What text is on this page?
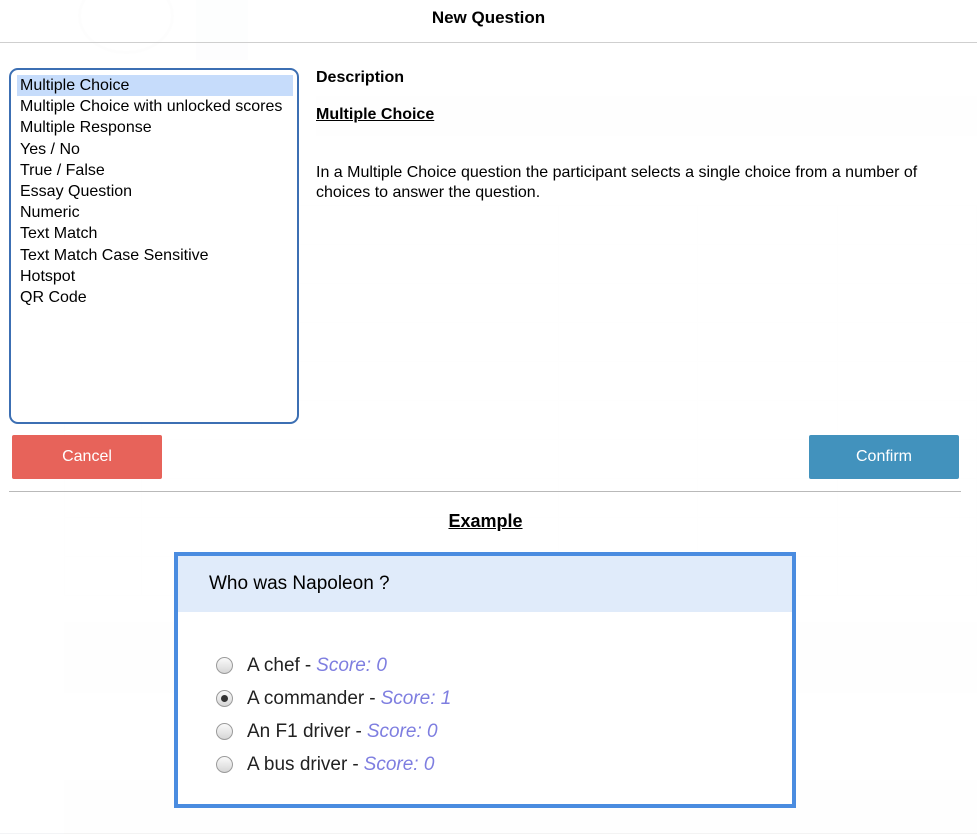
New Question
Multiple Choice
Multiple Choice with unlocked scores
Multiple Response
Yes / No
True / False
Essay Question
Numeric
Text Match
Text Match Case Sensitive
Hotspot
QR Code
Description
Multiple Choice
In a Multiple Choice question the participant selects a single choice from a number of choices to answer the question.
Cancel	Confirm
Example
Who was Napoleon ?
A chef - Score: 0
A commander - Score: 1
An F1 driver - Score: 0
A bus driver - Score: 0
